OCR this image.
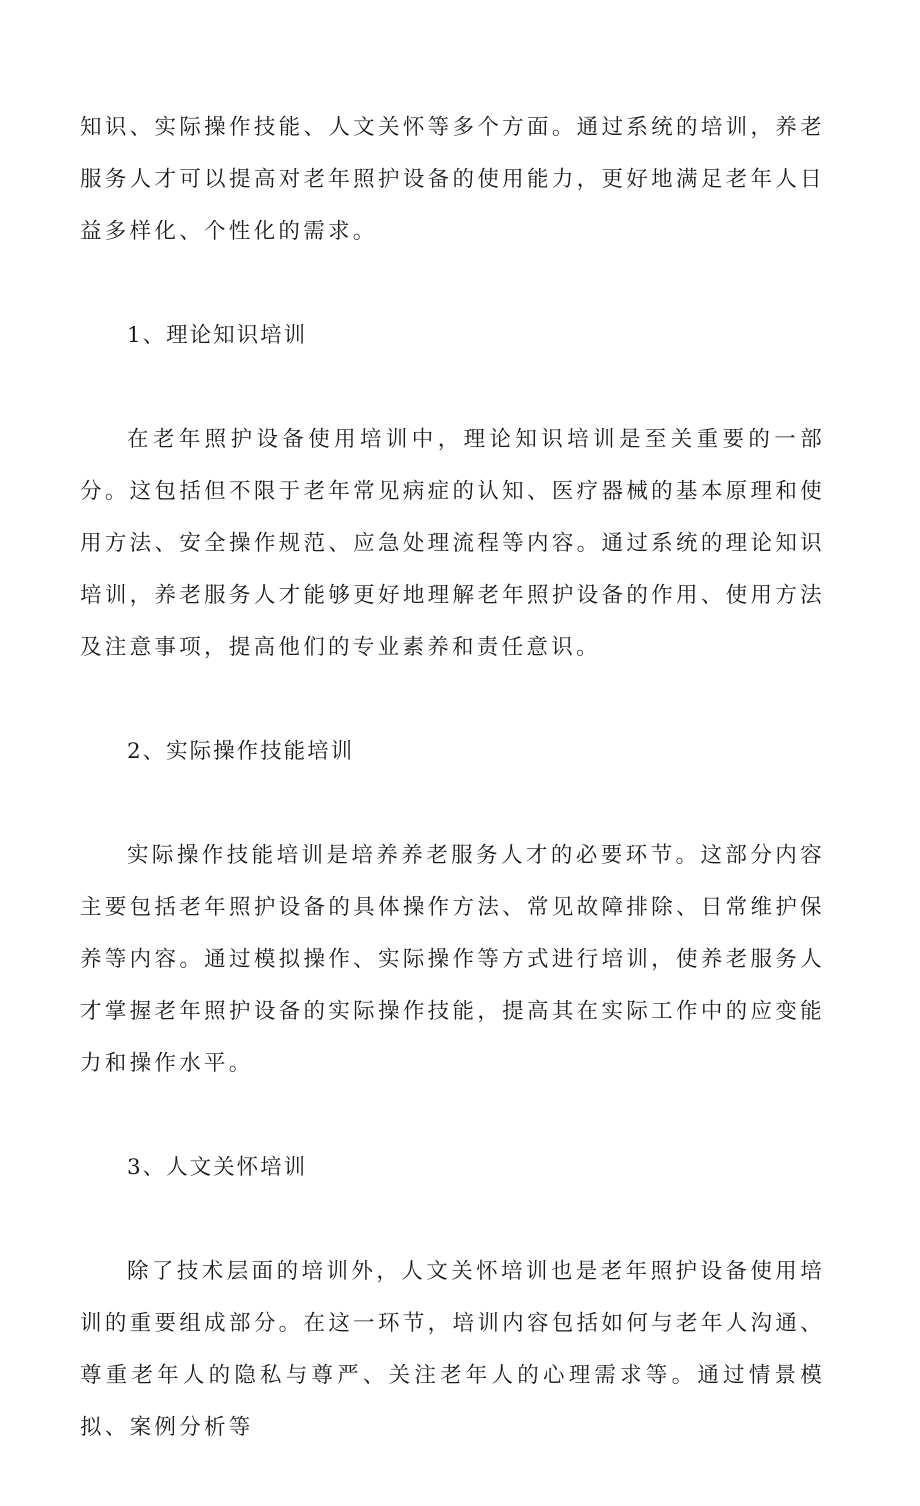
知识、实际操作技能、人文关怀等多个方面。通过系统的培训，养老服务人才可以提高对老年照护设备的使用能力，更好地满足老年人日益多样化、个性化的需求。

1、理论知识培训

在老年照护设备使用培训中，理论知识培训是至关重要的一部分。这包括但不限于老年常见病症的认知、医疗器械的基本原理和使用方法、安全操作规范、应急处理流程等内容。通过系统的理论知识培训，养老服务人才能够更好地理解老年照护设备的作用、使用方法及注意事项，提高他们的专业素养和责任意识。

2、实际操作技能培训

实际操作技能培训是培养养老服务人才的必要环节。这部分内容主要包括老年照护设备的具体操作方法、常见故障排除、日常维护保养等内容。通过模拟操作、实际操作等方式进行培训，使养老服务人才掌握老年照护设备的实际操作技能，提高其在实际工作中的应变能力和操作水平。

3、人文关怀培训

除了技术层面的培训外，人文关怀培训也是老年照护设备使用培训的重要组成部分。在这一环节，培训内容包括如何与老年人沟通、尊重老年人的隐私与尊严、关注老年人的心理需求等。通过情景模拟、案例分析等
